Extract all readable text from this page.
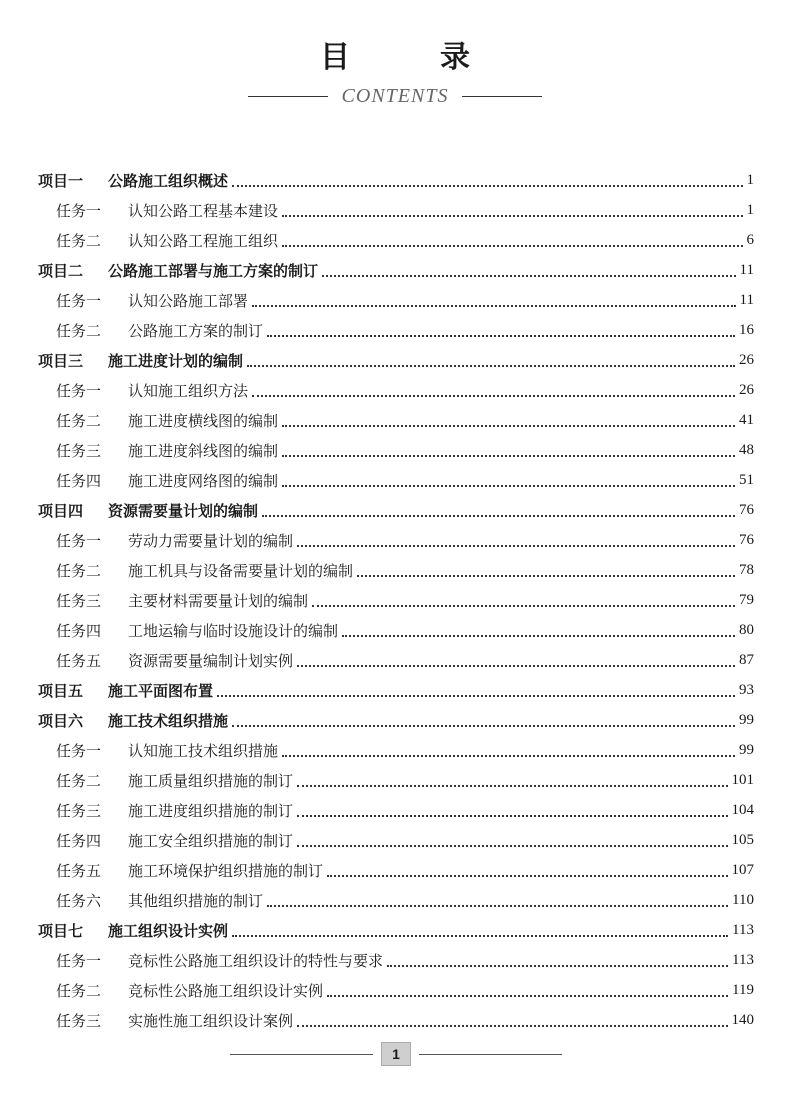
目　录
CONTENTS
项目一	公路施工组织概述	1
任务一	认知公路工程基本建设	1
任务二	认知公路工程施工组织	6
项目二	公路施工部署与施工方案的制订	11
任务一	认知公路施工部署	11
任务二	公路施工方案的制订	16
项目三	施工进度计划的编制	26
任务一	认知施工组织方法	26
任务二	施工进度横线图的编制	41
任务三	施工进度斜线图的编制	48
任务四	施工进度网络图的编制	51
项目四	资源需要量计划的编制	76
任务一	劳动力需要量计划的编制	76
任务二	施工机具与设备需要量计划的编制	78
任务三	主要材料需要量计划的编制	79
任务四	工地运输与临时设施设计的编制	80
任务五	资源需要量编制计划实例	87
项目五	施工平面图布置	93
项目六	施工技术组织措施	99
任务一	认知施工技术组织措施	99
任务二	施工质量组织措施的制订	101
任务三	施工进度组织措施的制订	104
任务四	施工安全组织措施的制订	105
任务五	施工环境保护组织措施的制订	107
任务六	其他组织措施的制订	110
项目七	施工组织设计实例	113
任务一	竞标性公路施工组织设计的特性与要求	113
任务二	竞标性公路施工组织设计实例	119
任务三	实施性施工组织设计案例	140
1
